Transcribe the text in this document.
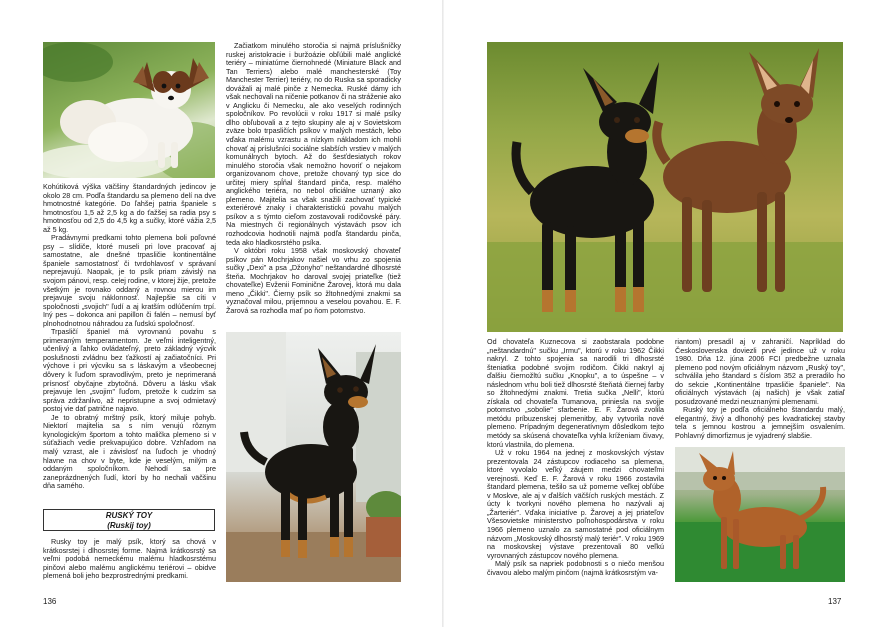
Kohútiková výška väčšiny štandardných jedincov je okolo 28 cm. Podľa štandardu sa plemeno delí na dve hmotnostné kategórie. Do ľahšej patria španiele s hmotnosťou 1,5 až 2,5 kg a do ťažšej sa radia psy s hmotnosťou od 2,5 do 4,5 kg a sučky, ktoré vážia 2,5 až 5 kg.

Pradávnymi predkami tohto plemena boli poľovné psy – slídiče, ktoré museli pri love pracovať aj samostatne, ale dnešné trpasličie kontinentálne španiele samostatnosť či tvrdohlavosť v správaní neprejavujú. Naopak, je to psík priam závislý na svojom pánovi, resp. celej rodine, v ktorej žije, pretože všetkým je rovnako oddaný a rovnou mierou im prejavuje svoju náklonnosť. Najlepšie sa cíti v spoločnosti „svojich" ľudí a aj kratším odlúčením trpí. Iný pes – dokonca ani papillon či falén – nemusí byť plnohodnotnou náhradou za ľudskú spoločnosť.

Trpasličí španiel má vyrovnanú povahu s primeraným temperamentom. Je veľmi inteligentný, učenlivý a ľahko ovládateľný, preto základný výcvik poslušnosti zvládnu bez ťažkostí aj začiatočníci. Pri výchove i pri výcviku sa s láskavým a všeobecnej dôvery k ľuďom spravodlivým, preto je neprimeraná prísnosť obyčajne zbytočná. Dôveru a lásku však prejavuje len „svojim" ľuďom, pretože k cudzím sa správa zdržanlivo, až nepristupne a svoj odmietavý postoj vie dať patrične najavo.

Je to obratný mrštný psík, ktorý miluje pohyb. Niektorí majitelia sa s ním venujú rôznym kynologickým športom a tohto malička plemeno si v súťažiach vedie prekvapujúco dobre. Vzhľadom na malý vzrast, ale i závislosť na ľuďoch je vhodný hlavne na chov v byte, kde je veselým, milým a oddaným spoločníkom. Nehodí sa pre zaneprázdnených ľudí, ktorí by ho nechali väčšinu dňa samého.

RUSKÝ TOY
(Ruskij toy)

Rusky toy je malý psík, ktorý sa chová v krátkosrstej i dlhosrstej forme. Najmä krátkosrstý sa veľmi podobá nemeckému malému hladkosrstému pinčovi alebo malému anglickému teriérovi – obidve plemená boli jeho bezprostrednými predkami.

Začiatkom minulého storočia si najmä príslušníčky ruskej aristokracie i buržoázie obľúbili malé anglické teriéry – miniatúrne čiernohnedé (Miniature Black and Tan Terriers) alebo malé manchesterské (Toy Manchester Terrier) teriéry, no do Ruska sa sporadicky dovážali aj malé pinče z Nemecka. Ruské dámy ich však nechovali na ničenie potkanov či na stráženie ako v Anglicku či Nemecku, ale ako veselých rodinných spoločníkov. Po revolúcii v roku 1917 si malé psíky dlho obľubovali a z tejto skupiny ale aj v Sovietskom zväze bolo trpasličích psíkov v malých mestách, lebo vďaka malému vzrastu a nízkym nákladom ich mohli chovať aj príslušníci sociálne slabších vrstiev v malých komunálnych bytoch. Až do šesťdesiatych rokov minulého storočia však nemožno hovoriť o nejakom organizovanom chove, pretože chovaný typ sice do určitej miery spĺňal štandard pinča, resp. malého anglického teriéra, no nebol oficiálne uznaný ako plemeno. Majitelia sa však snažili zachovať typické exteriérové znaky i charakteristickú povahu malých psíkov a s týmto cieľom zostavovali rodičovské páry. Na miestnych či regionálnych výstavách psov ich rozhodcovia hodnotili najmä podľa štandardu pinča, teda ako hladkosrstého psíka.

V októbri roku 1958 však moskovský chovateľ psíkov pán Mochrjakov našiel vo vrhu zo spojenia sučky „Dexi" a psa „Džonyho" neštandardné dlhosrsté šteňa. Mochrjakov ho daroval svojej priateľke (tiež chovateľke) Evženii Fominične Žarovej, ktorá mu dala meno „Čikki". Čierny psík so žltohnedými znakmi sa vyznačoval milou, prijemnou a veselou povahou. E. F. Žarová sa rozhodla mať po ňom potomstvo.

136

Od chovateľa Kuznecova si zaobstarala podobne „neštandardnú" sučku „Irmu", ktorú v roku 1962 Čikki nakryl. Z tohto spojenia sa narodili tri dlhosrsté šteniatka podobné svojim rodičom. Čikki nakryl aj ďalšiu čiernožltú sučku „Knopku", a to úspešne – v následnom vrhu boli tiež dlhosrsté šteňatá čiernej farby so žltohnedými znakmi. Tretia sučka „Nelli", ktorú získala od chovateľa Tumanova, priniesla na svojje potomstvo „sobolie" sfarbenie. E. F. Žarová zvolila metódu príbuzenskej plemenitby, aby vytvorila nové plemeno. Prípadným degeneratívnym dôsledkom tejto metódy sa skúsená chovateľka vyhla kríženiam čivavy, ktorú vlastnila, do plemena.

Už v roku 1964 na jednej z moskovských výstav prezentovala 24 zástupcov rodiaceho sa plemena, ktoré vyvolalo veľký záujem medzi chovateľmi verejnosti. Keď E. F. Žarová v roku 1966 zostavila štandard plemena, tešilo sa už pomerne veľkej obľúbe v Moskve, ale aj v ďalších väčších ruských mestách. Z úcty k tvorkyni nového plemena ho nazývali aj „Žarteriér". Vďaka iniciatíve p. Žarovej a jej priateľov Všesovietske ministerstvo poľnohospodárstva v roku 1966 plemeno uznalo za samostatné pod oficiálnym názvom „Moskovský dlhosrstý malý teriér". V roku 1969 na moskovskej výstave prezentovali 80 veľkú vyrovnaných zástupcov nového plemena.

Malý psík sa napriek podobnosti s o niečo menšou čivavou alebo malým pinčom (najmä krátkosrstým va-

riantom) presadil aj v zahraničí. Napríklad do Československa doviezli prvé jedince už v roku 1980. Dňa 12. júna 2006 FCI predbežne uznala plemeno pod novým oficiálnym názvom „Ruský toy", schválila jeho štandard s číslom 352 a preradilo ho do sekcie „Kontinentálne trpasličie španiele". Na oficiálnych výstavách (aj našich) je však zatiaľ posudzované medzi neuznanými plemenami.

Ruský toy je podľa oficiálneho štandardu malý, elegantný, živý a dlhonohý pes kvadratickej stavby tela s jemnou kostrou a jemnejším osvalením. Pohlavný dimorfizmus je vyjadrený slabšie.

137
